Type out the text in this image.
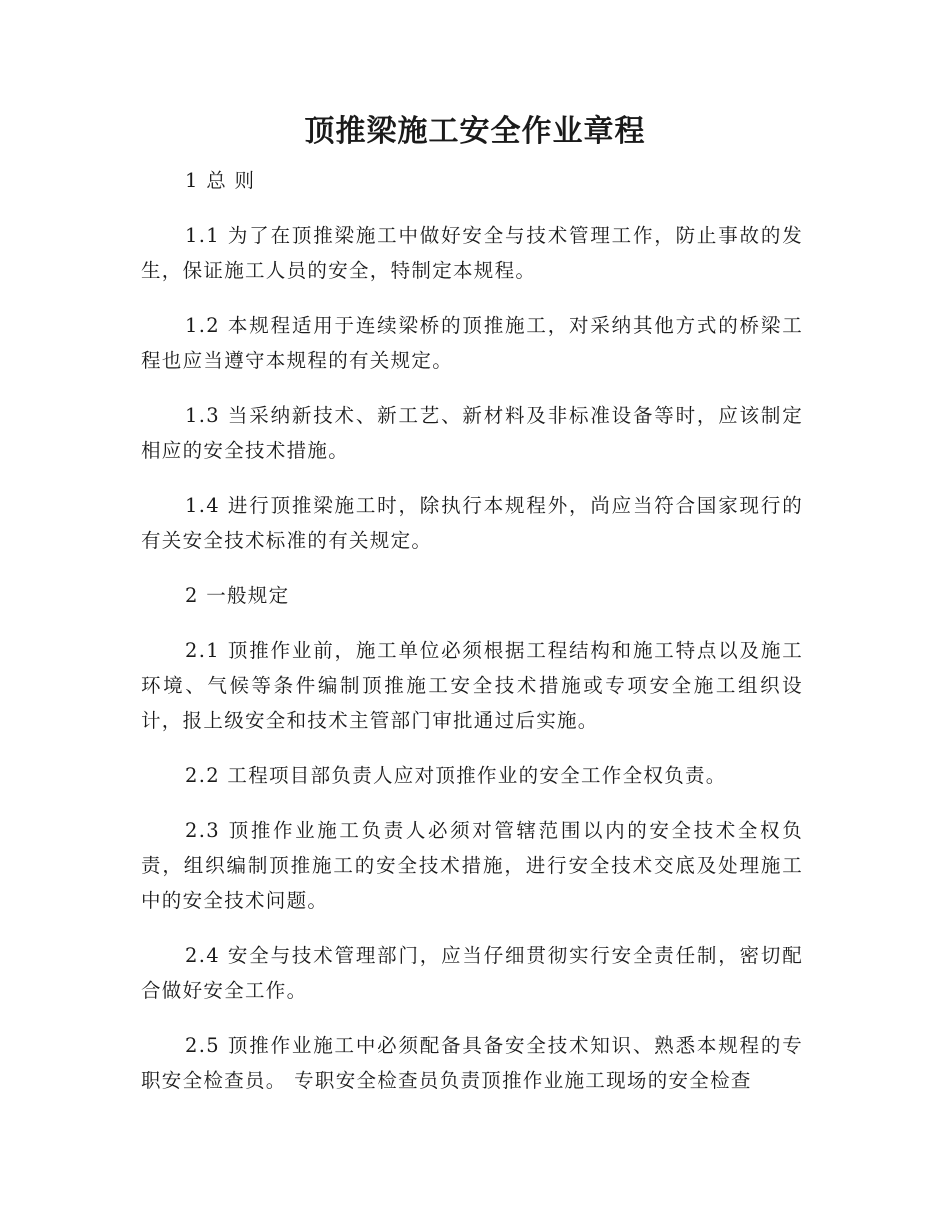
顶推梁施工安全作业章程

1 总 则

1.1 为了在顶推梁施工中做好安全与技术管理工作，防止事故的发生，保证施工人员的安全，特制定本规程。

1.2 本规程适用于连续梁桥的顶推施工，对采纳其他方式的桥梁工程也应当遵守本规程的有关规定。

1.3 当采纳新技术、新工艺、新材料及非标准设备等时，应该制定相应的安全技术措施。

1.4 进行顶推梁施工时，除执行本规程外，尚应当符合国家现行的有关安全技术标准的有关规定。

2 一般规定

2.1 顶推作业前，施工单位必须根据工程结构和施工特点以及施工环境、气候等条件编制顶推施工安全技术措施或专项安全施工组织设计，报上级安全和技术主管部门审批通过后实施。

2.2 工程项目部负责人应对顶推作业的安全工作全权负责。

2.3 顶推作业施工负责人必须对管辖范围以内的安全技术全权负责，组织编制顶推施工的安全技术措施，进行安全技术交底及处理施工中的安全技术问题。

2.4 安全与技术管理部门，应当仔细贯彻实行安全责任制，密切配合做好安全工作。

2.5 顶推作业施工中必须配备具备安全技术知识、熟悉本规程的专职安全检查员。 专职安全检查员负责顶推作业施工现场的安全检查
